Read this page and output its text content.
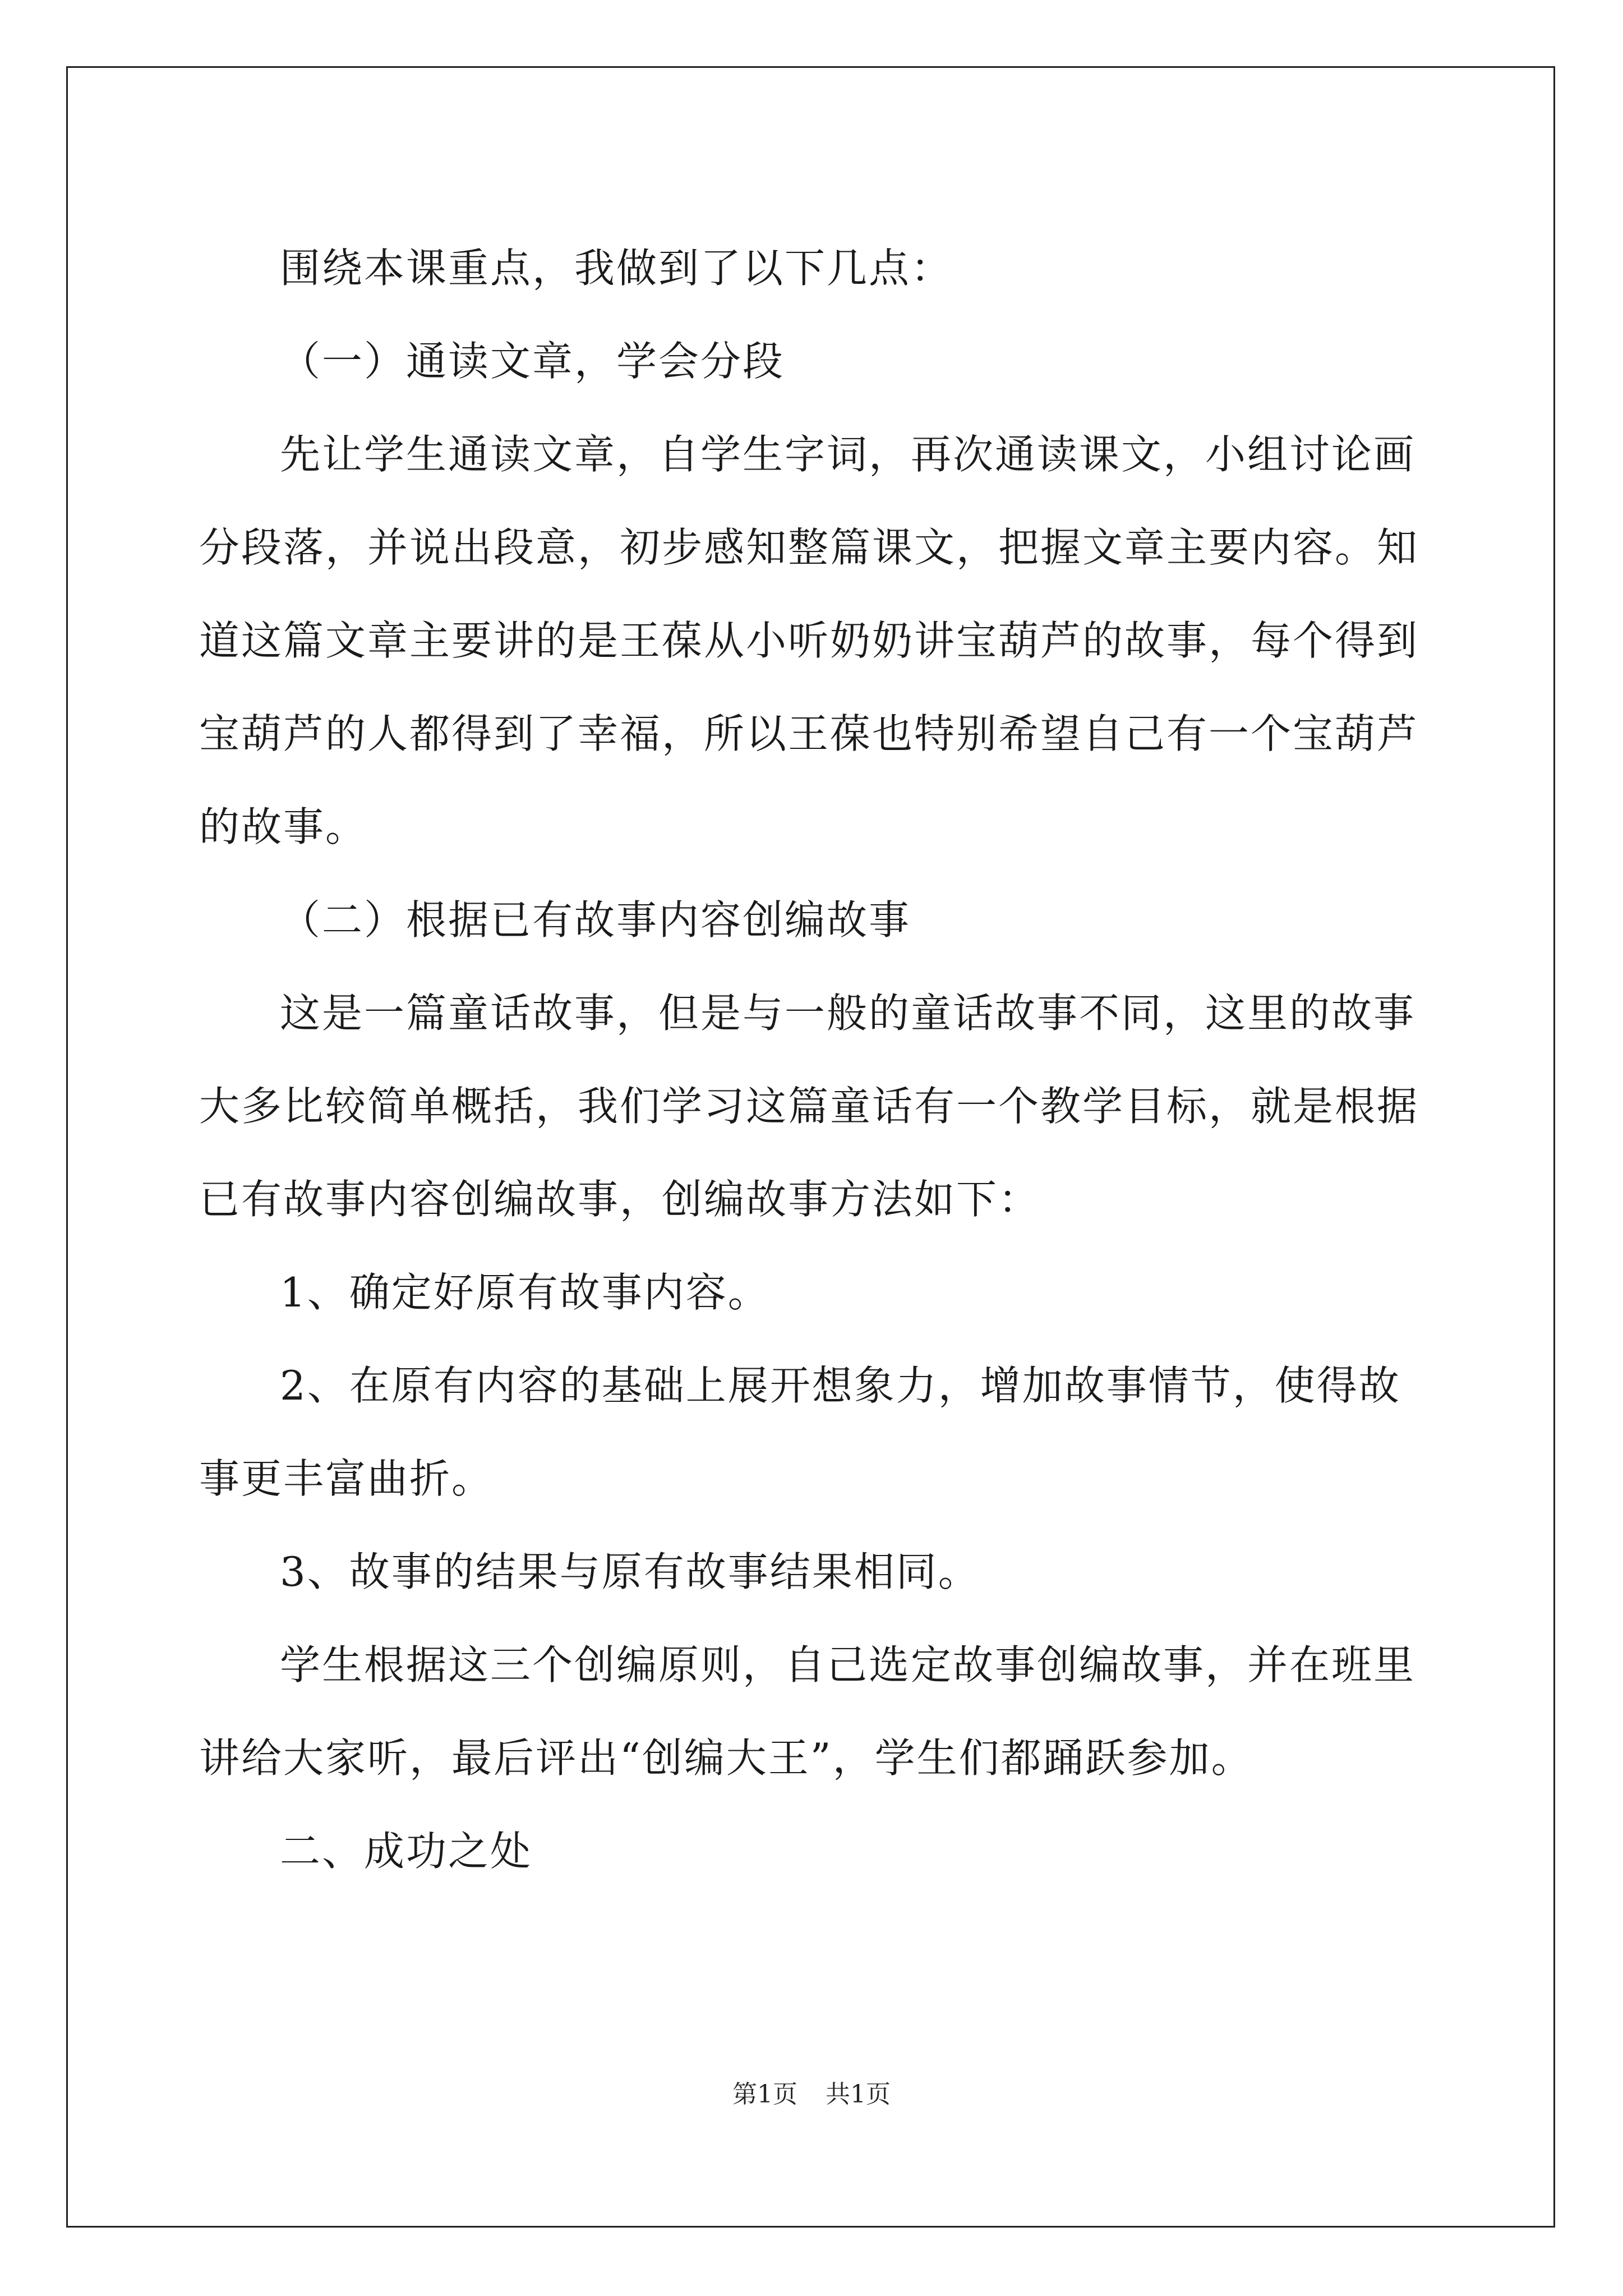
围绕本课重点，我做到了以下几点：

（一）通读文章，学会分段

先让学生通读文章，自学生字词，再次通读课文，小组讨论画分段落，并说出段意，初步感知整篇课文，把握文章主要内容。知道这篇文章主要讲的是王葆从小听奶奶讲宝葫芦的故事，每个得到宝葫芦的人都得到了幸福，所以王葆也特别希望自己有一个宝葫芦的故事。

（二）根据已有故事内容创编故事

这是一篇童话故事，但是与一般的童话故事不同，这里的故事大多比较简单概括，我们学习这篇童话有一个教学目标，就是根据已有故事内容创编故事，创编故事方法如下：

1、确定好原有故事内容。

2、在原有内容的基础上展开想象力，增加故事情节，使得故事更丰富曲折。

3、故事的结果与原有故事结果相同。

学生根据这三个创编原则，自己选定故事创编故事，并在班里讲给大家听，最后评出“创编大王”，学生们都踊跃参加。

二、成功之处

第1页 共1页
